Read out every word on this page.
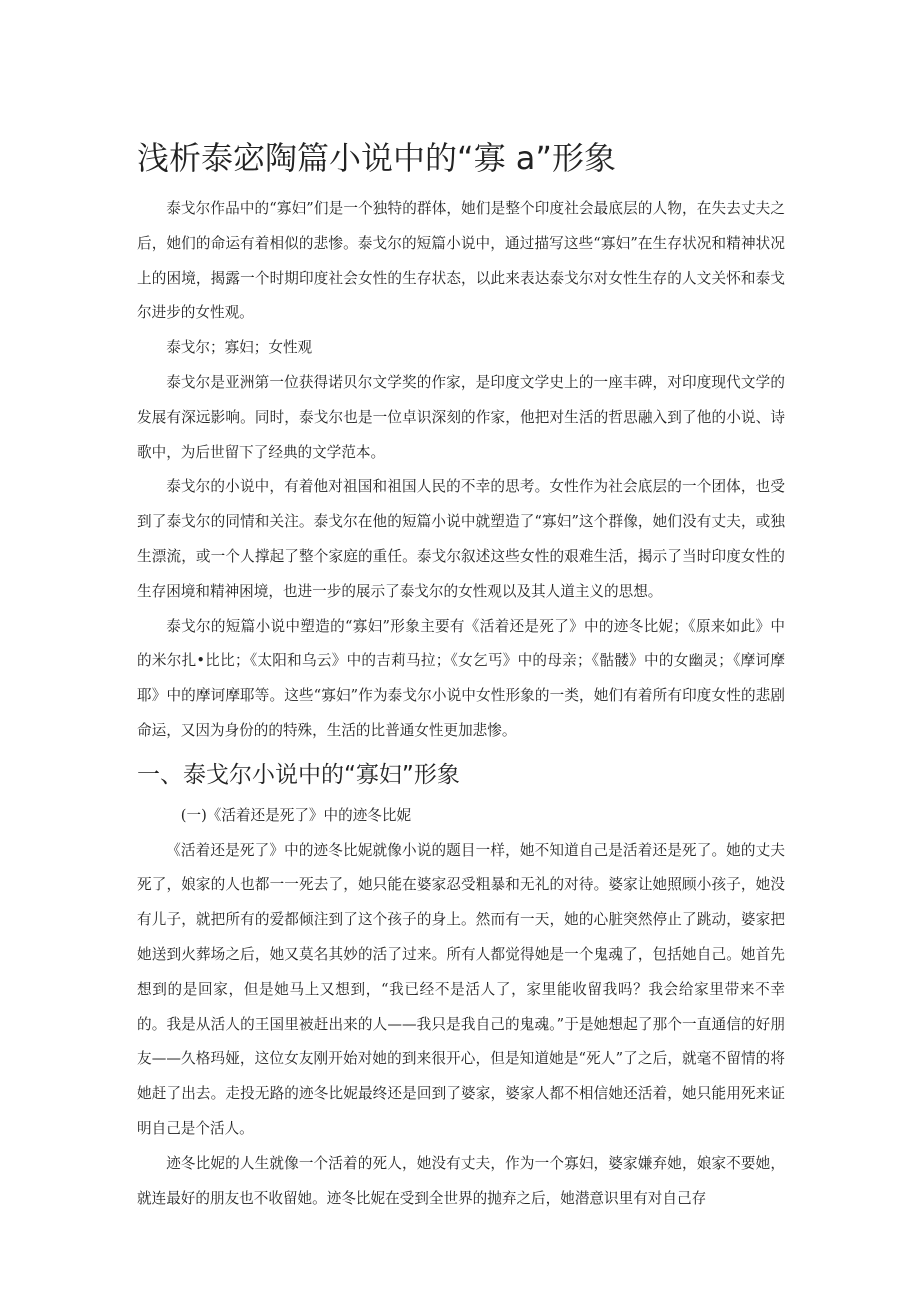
浅析泰宓陶篇小说中的“寡 a”形象

泰戈尔作品中的“寡妇”们是一个独特的群体，她们是整个印度社会最底层的人物，在失去丈夫之后，她们的命运有着相似的悲惨。泰戈尔的短篇小说中，通过描写这些“寡妇”在生存状况和精神状况上的困境，揭露一个时期印度社会女性的生存状态，以此来表达泰戈尔对女性生存的人文关怀和泰戈尔进步的女性观。

泰戈尔；寡妇；女性观

泰戈尔是亚洲第一位获得诺贝尔文学奖的作家，是印度文学史上的一座丰碑，对印度现代文学的发展有深远影响。同时，泰戈尔也是一位卓识深刻的作家，他把对生活的哲思融入到了他的小说、诗歌中，为后世留下了经典的文学范本。

泰戈尔的小说中，有着他对祖国和祖国人民的不幸的思考。女性作为社会底层的一个团体，也受到了泰戈尔的同情和关注。泰戈尔在他的短篇小说中就塑造了“寡妇”这个群像，她们没有丈夫，或独生漂流，或一个人撑起了整个家庭的重任。泰戈尔叙述这些女性的艰难生活，揭示了当时印度女性的生存困境和精神困境，也进一步的展示了泰戈尔的女性观以及其人道主义的思想。

泰戈尔的短篇小说中塑造的“寡妇”形象主要有《活着还是死了》中的迹冬比妮；《原来如此》中的米尔扎•比比；《太阳和乌云》中的吉莉马拉；《女乞丐》中的母亲；《骷髅》中的女幽灵；《摩诃摩耶》中的摩诃摩耶等。这些“寡妇”作为泰戈尔小说中女性形象的一类，她们有着所有印度女性的悲剧命运，又因为身份的的特殊，生活的比普通女性更加悲惨。

一、泰戈尔小说中的“寡妇”形象

(一)《活着还是死了》中的迹冬比妮

《活着还是死了》中的迹冬比妮就像小说的题目一样，她不知道自己是活着还是死了。她的丈夫死了，娘家的人也都一一死去了，她只能在婆家忍受粗暴和无礼的对待。婆家让她照顾小孩子，她没有儿子，就把所有的爱都倾注到了这个孩子的身上。然而有一天，她的心脏突然停止了跳动，婆家把她送到火葬场之后，她又莫名其妙的活了过来。所有人都觉得她是一个鬼魂了，包括她自己。她首先想到的是回家，但是她马上又想到，“我已经不是活人了，家里能收留我吗？我会给家里带来不幸的。我是从活人的王国里被赶出来的人——我只是我自己的鬼魂。”于是她想起了那个一直通信的好朋友——久格玛娅，这位女友刚开始对她的到来很开心，但是知道她是“死人”了之后，就毫不留情的将她赶了出去。走投无路的迹冬比妮最终还是回到了婆家，婆家人都不相信她还活着，她只能用死来证明自己是个活人。

迹冬比妮的人生就像一个活着的死人，她没有丈夫，作为一个寡妇，婆家嫌弃她，娘家不要她，就连最好的朋友也不收留她。迹冬比妮在受到全世界的抛弃之后，她潜意识里有对自己存
